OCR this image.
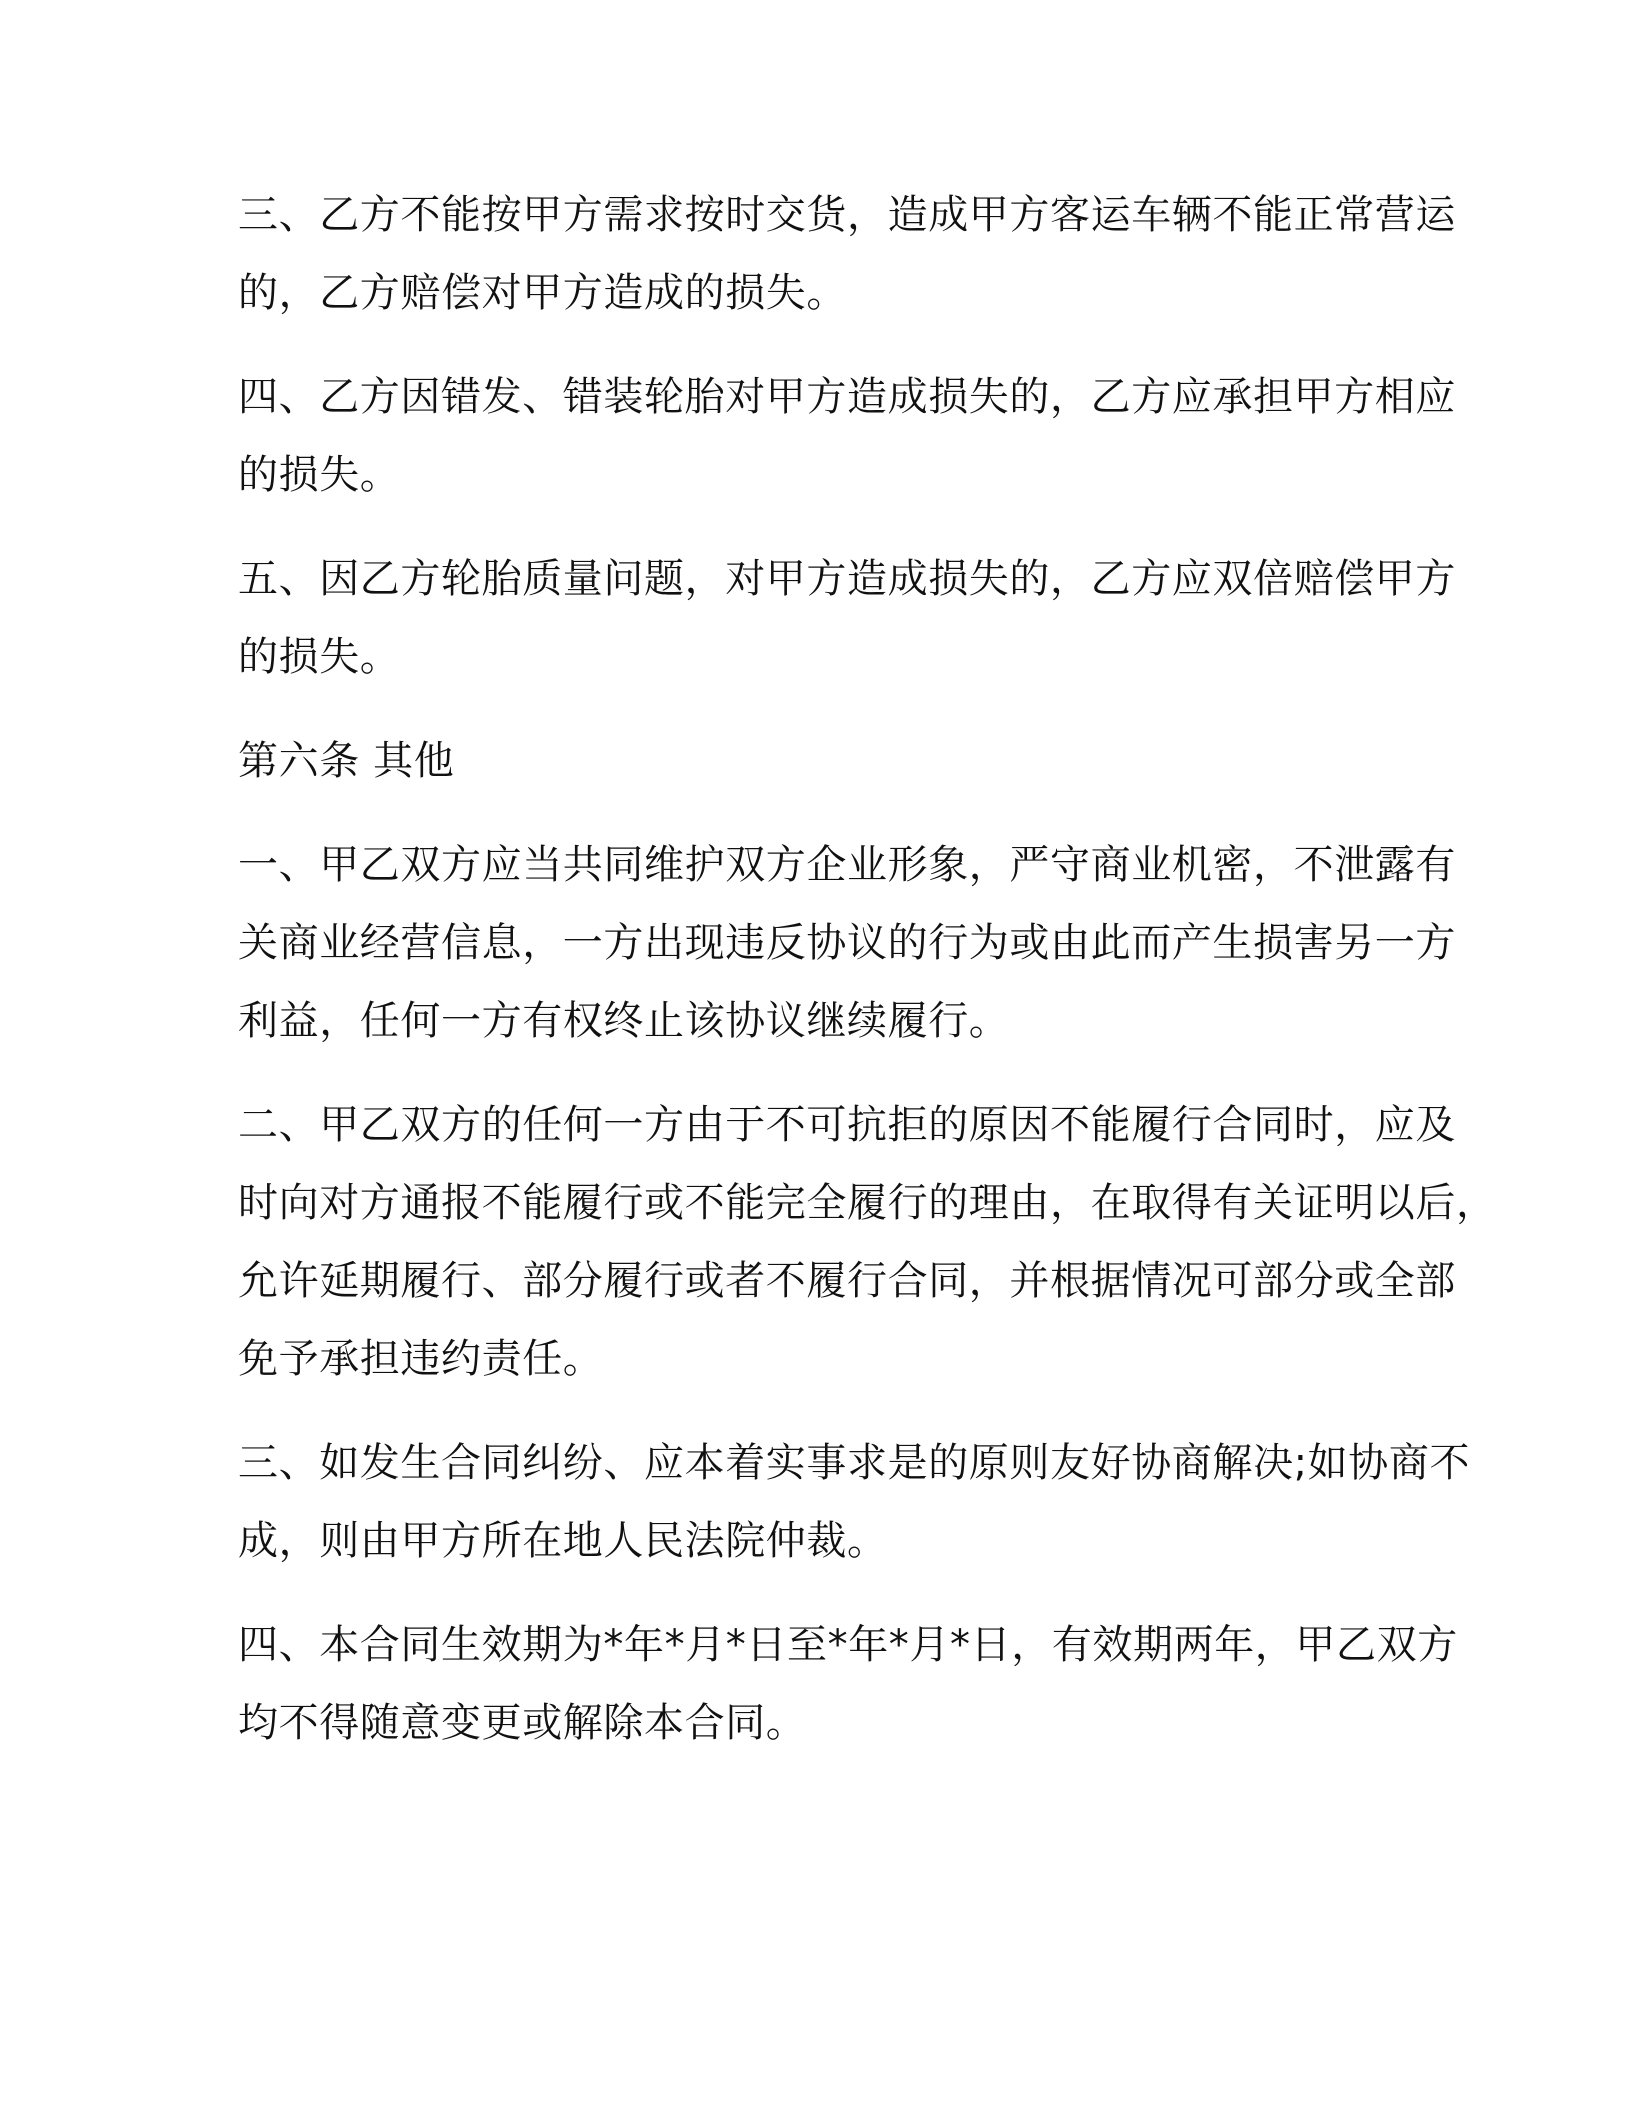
三、乙方不能按甲方需求按时交货，造成甲方客运车辆不能正常营运
的，乙方赔偿对甲方造成的损失。

四、乙方因错发、错装轮胎对甲方造成损失的，乙方应承担甲方相应
的损失。

五、因乙方轮胎质量问题，对甲方造成损失的，乙方应双倍赔偿甲方
的损失。

第六条 其他

一、甲乙双方应当共同维护双方企业形象，严守商业机密，不泄露有
关商业经营信息，一方出现违反协议的行为或由此而产生损害另一方
利益，任何一方有权终止该协议继续履行。

二、甲乙双方的任何一方由于不可抗拒的原因不能履行合同时，应及
时向对方通报不能履行或不能完全履行的理由，在取得有关证明以后，
允许延期履行、部分履行或者不履行合同，并根据情况可部分或全部
免予承担违约责任。

三、如发生合同纠纷、应本着实事求是的原则友好协商解决;如协商不
成，则由甲方所在地人民法院仲裁。

四、本合同生效期为*年*月*日至*年*月*日，有效期两年，甲乙双方
均不得随意变更或解除本合同。
